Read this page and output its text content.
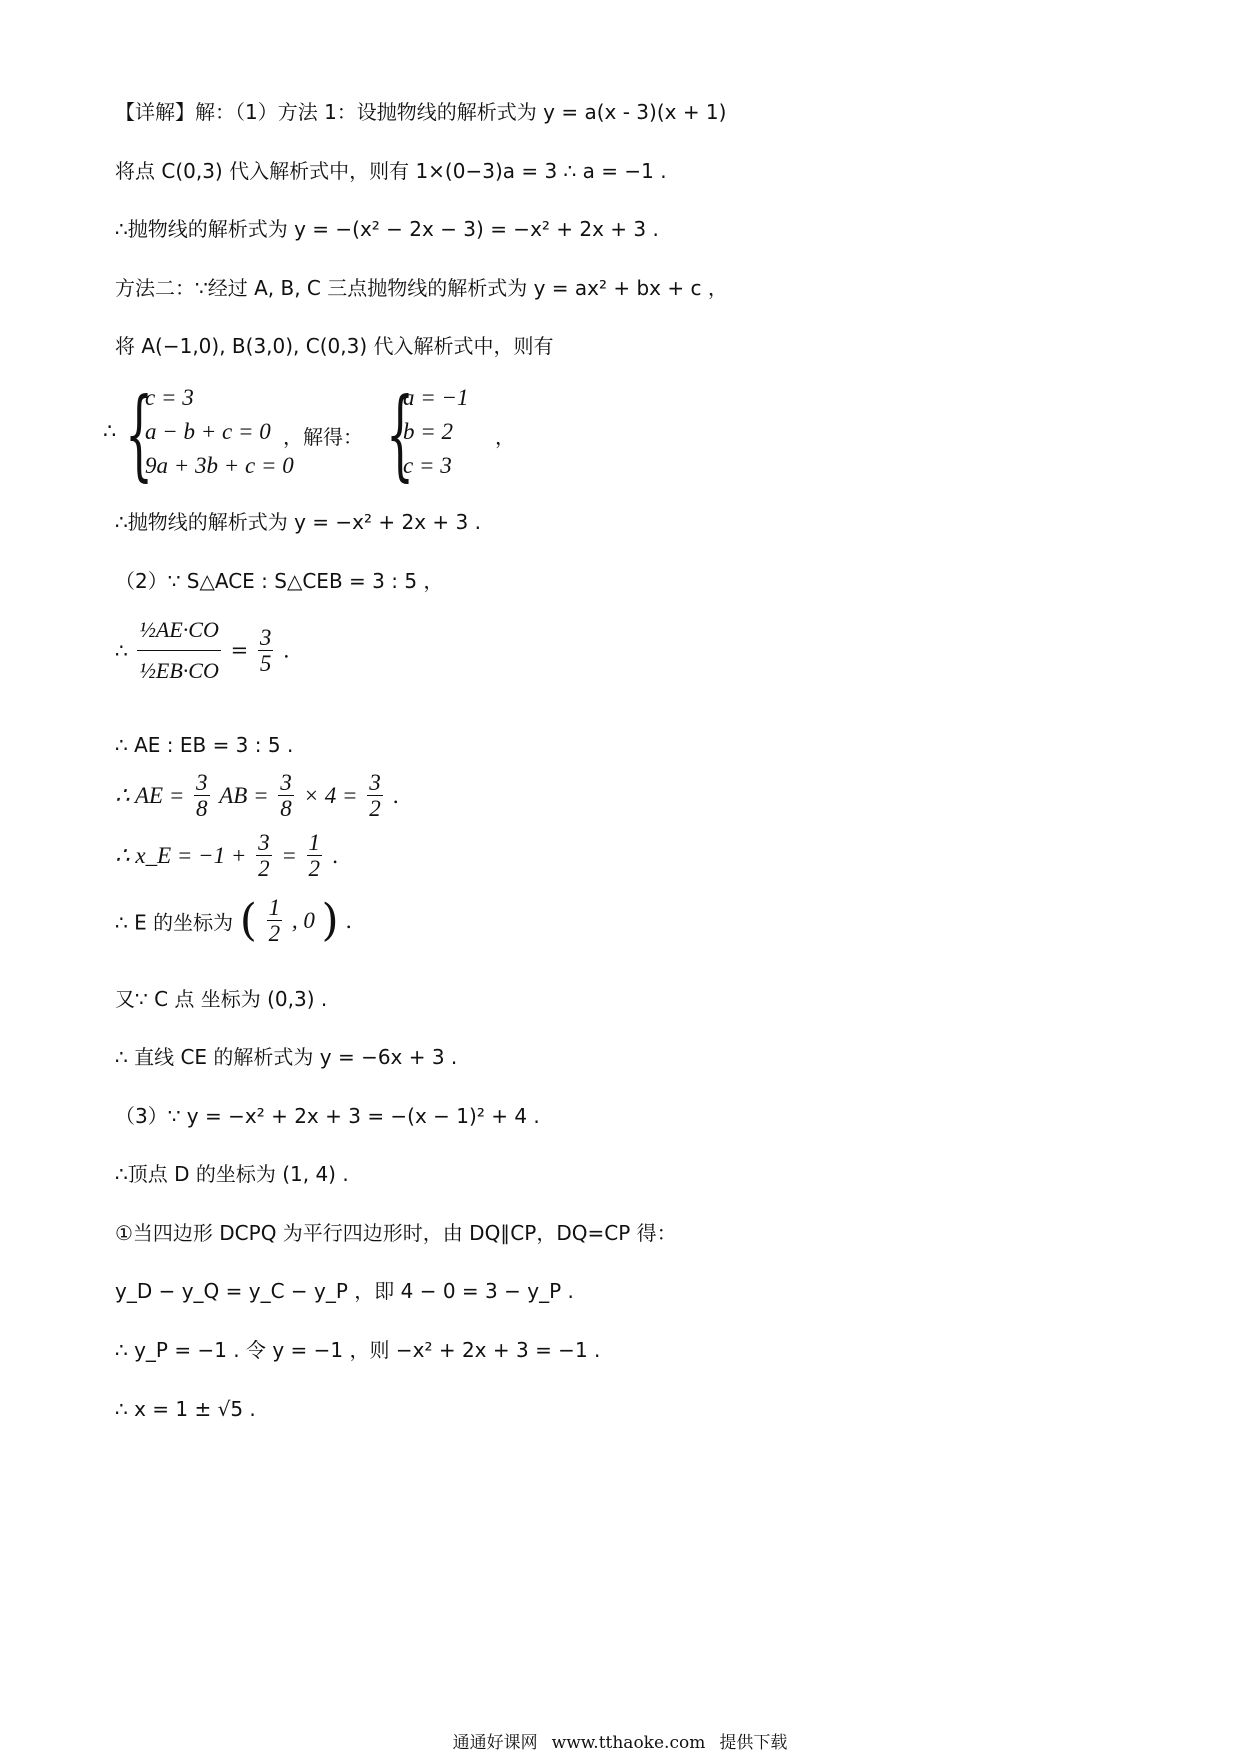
【详解】解：（1）方法 1：设抛物线的解析式为 y = a(x - 3)(x + 1)
将点 C(0,3) 代入解析式中，则有 1×(0−3)a = 3 ∴ a = −1 .
∴抛物线的解析式为 y = −(x² − 2x − 3) = −x² + 2x + 3 .
方法二：∵经过 A, B, C 三点抛物线的解析式为 y = ax² + bx + c ，
将 A(−1,0), B(3,0), C(0,3) 代入解析式中，则有
∴ {
c = 3
a − b + c = 0
9a + 3b + c = 0
，解得： {
a = −1
b = 2
c = 3
，
∴抛物线的解析式为 y = −x² + 2x + 3 .
（2）∵ S△ACE : S△CEB = 3 : 5 ，
∴ $\frac{\text{½AE·CO}}{\text{½EB·CO}} = \frac{3}{5}$ .
∴ AE : EB = 3 : 5 .
∴ AE = $\frac{3}{8}$ AB = $\frac{3}{8} \times 4 = \frac{3}{2}$ .
∴ x_E = $-1 + \frac{3}{2} = \frac{1}{2}$ .
∴ E 的坐标为 ( $\frac{1}{2}$ , 0 ) .
又∵ C 点 坐标为 (0,3) .
∴ 直线 CE 的解析式为 y = −6x + 3 .
（3）∵ y = −x² + 2x + 3 = −(x − 1)² + 4 .
∴顶点 D 的坐标为 (1, 4) .
①当四边形 DCPQ 为平行四边形时，由 DQ∥CP，DQ=CP 得：
y_D − y_Q = y_C − y_P ，即 4 − 0 = 3 − y_P .
∴ y_P = −1 . 令 y = −1 ，则 −x² + 2x + 3 = −1 .
∴ x = 1 ± √5 .
通通好课网 www.tthaoke.com 提供下载
